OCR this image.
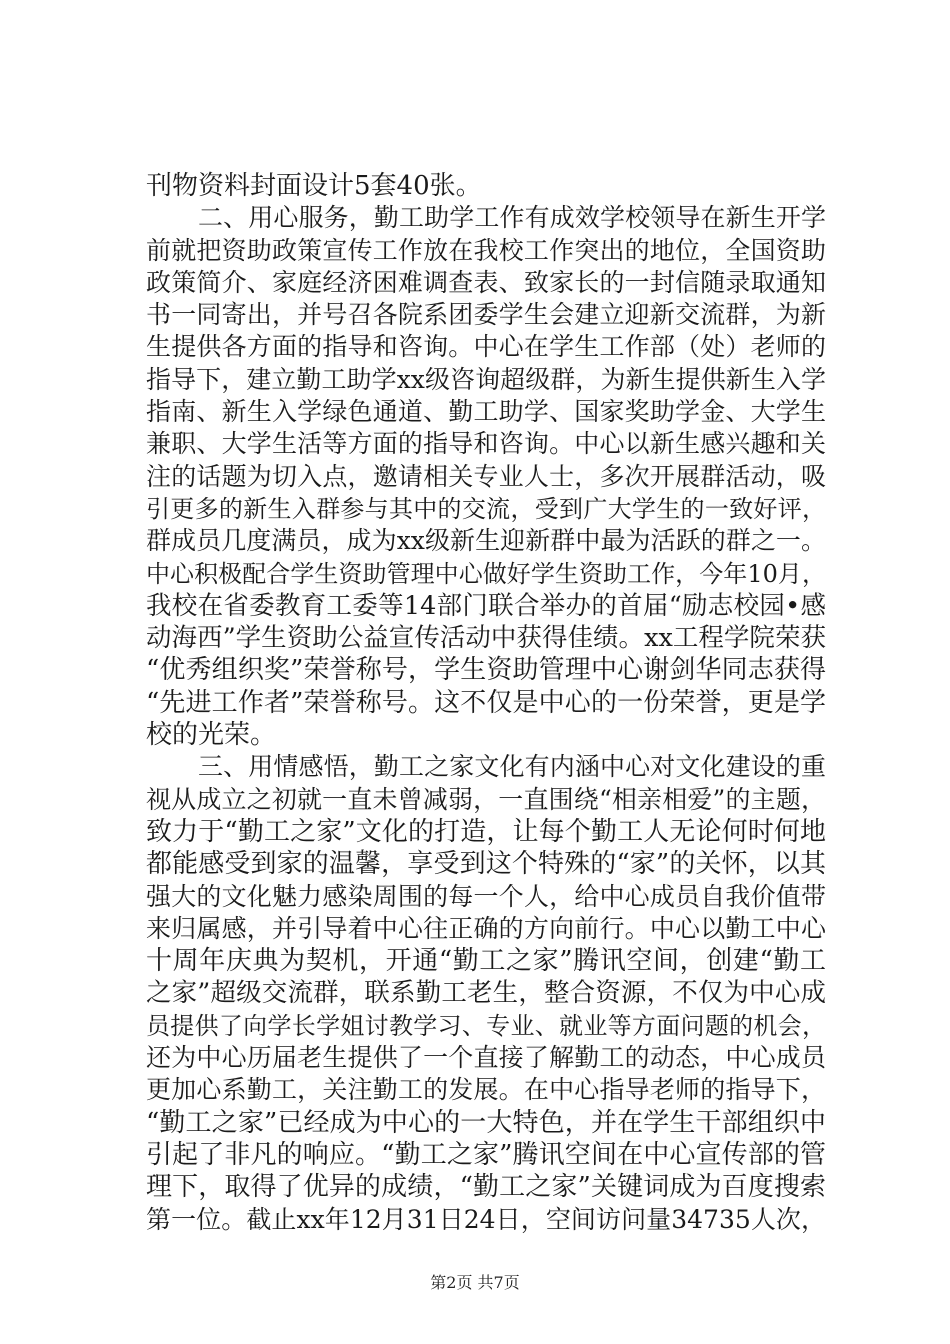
刊物资料封面设计5套40张。
二、用心服务，勤工助学工作有成效学校领导在新生开学
前就把资助政策宣传工作放在我校工作突出的地位，全国资助
政策简介、家庭经济困难调查表、致家长的一封信随录取通知
书一同寄出，并号召各院系团委学生会建立迎新交流群，为新
生提供各方面的指导和咨询。中心在学生工作部（处）老师的
指导下，建立勤工助学xx级咨询超级群，为新生提供新生入学
指南、新生入学绿色通道、勤工助学、国家奖助学金、大学生
兼职、大学生活等方面的指导和咨询。中心以新生感兴趣和关
注的话题为切入点，邀请相关专业人士，多次开展群活动，吸
引更多的新生入群参与其中的交流，受到广大学生的一致好评，
群成员几度满员，成为xx级新生迎新群中最为活跃的群之一。
中心积极配合学生资助管理中心做好学生资助工作，今年10月，
我校在省委教育工委等14部门联合举办的首届“励志校园•感
动海西”学生资助公益宣传活动中获得佳绩。xx工程学院荣获
“优秀组织奖”荣誉称号，学生资助管理中心谢剑华同志获得
“先进工作者”荣誉称号。这不仅是中心的一份荣誉，更是学
校的光荣。
三、用情感悟，勤工之家文化有内涵中心对文化建设的重
视从成立之初就一直未曾减弱，一直围绕“相亲相爱”的主题，
致力于“勤工之家”文化的打造，让每个勤工人无论何时何地
都能感受到家的温馨，享受到这个特殊的“家”的关怀，以其
强大的文化魅力感染周围的每一个人，给中心成员自我价值带
来归属感，并引导着中心往正确的方向前行。中心以勤工中心
十周年庆典为契机，开通“勤工之家”腾讯空间，创建“勤工
之家”超级交流群，联系勤工老生，整合资源，不仅为中心成
员提供了向学长学姐讨教学习、专业、就业等方面问题的机会，
还为中心历届老生提供了一个直接了解勤工的动态，中心成员
更加心系勤工，关注勤工的发展。在中心指导老师的指导下，
“勤工之家”已经成为中心的一大特色，并在学生干部组织中
引起了非凡的响应。“勤工之家”腾讯空间在中心宣传部的管
理下，取得了优异的成绩，“勤工之家”关键词成为百度搜索
第一位。截止xx年12月31日24日，空间访问量34735人次，
第2页 共7页
